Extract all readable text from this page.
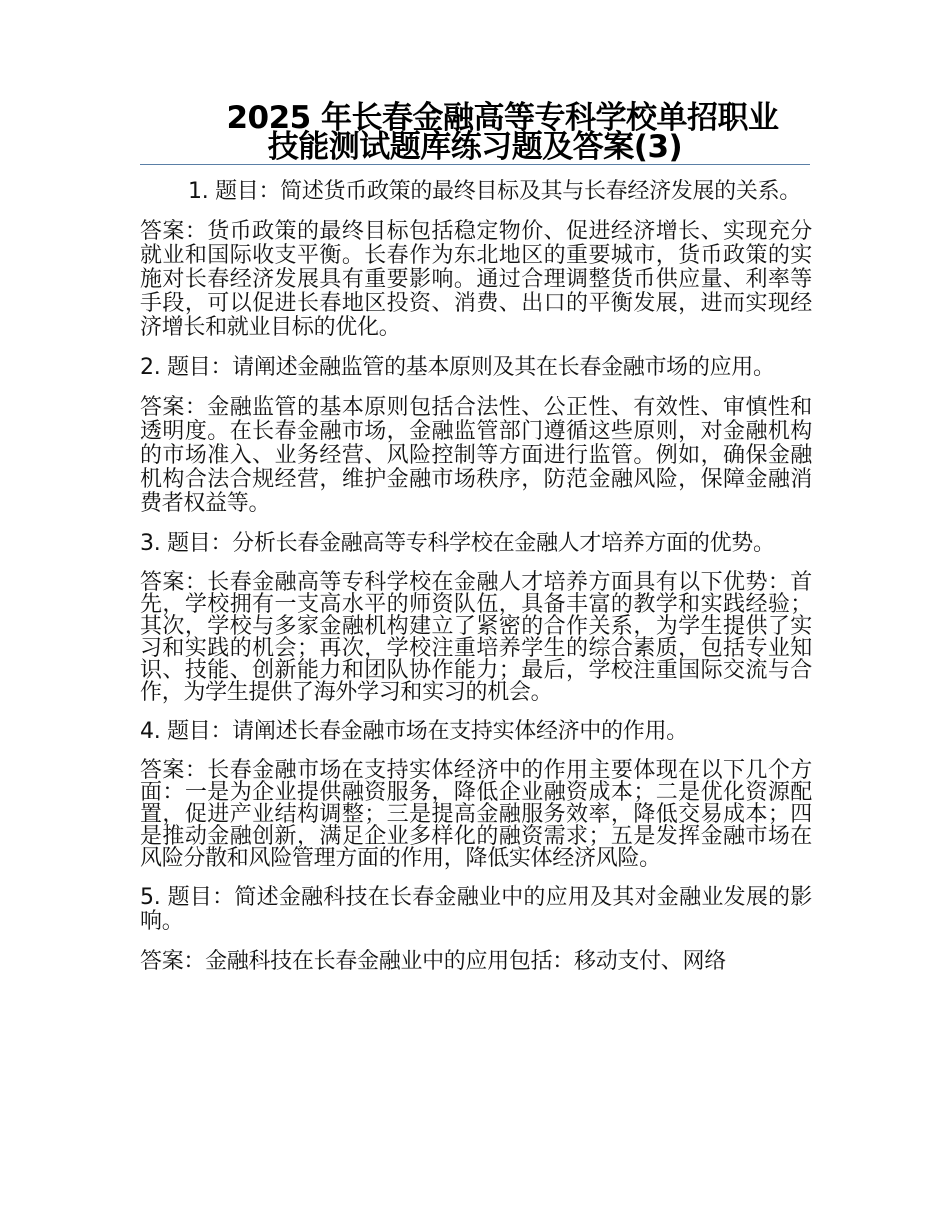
2025 年长春金融高等专科学校单招职业
技能测试题库练习题及答案(3)

1. 题目：简述货币政策的最终目标及其与长春经济发展的关系。

答案：货币政策的最终目标包括稳定物价、促进经济增长、实现充分就业和国际收支平衡。长春作为东北地区的重要城市，货币政策的实施对长春经济发展具有重要影响。通过合理调整货币供应量、利率等手段，可以促进长春地区投资、消费、出口的平衡发展，进而实现经济增长和就业目标的优化。

2. 题目：请阐述金融监管的基本原则及其在长春金融市场的应用。

答案：金融监管的基本原则包括合法性、公正性、有效性、审慎性和透明度。在长春金融市场，金融监管部门遵循这些原则，对金融机构的市场准入、业务经营、风险控制等方面进行监管。例如，确保金融机构合法合规经营，维护金融市场秩序，防范金融风险，保障金融消费者权益等。

3. 题目：分析长春金融高等专科学校在金融人才培养方面的优势。

答案：长春金融高等专科学校在金融人才培养方面具有以下优势：首先，学校拥有一支高水平的师资队伍，具备丰富的教学和实践经验；其次，学校与多家金融机构建立了紧密的合作关系，为学生提供了实习和实践的机会；再次，学校注重培养学生的综合素质，包括专业知识、技能、创新能力和团队协作能力；最后，学校注重国际交流与合作，为学生提供了海外学习和实习的机会。

4. 题目：请阐述长春金融市场在支持实体经济中的作用。

答案：长春金融市场在支持实体经济中的作用主要体现在以下几个方面：一是为企业提供融资服务，降低企业融资成本；二是优化资源配置，促进产业结构调整；三是提高金融服务效率，降低交易成本；四是推动金融创新，满足企业多样化的融资需求；五是发挥金融市场在风险分散和风险管理方面的作用，降低实体经济风险。

5. 题目：简述金融科技在长春金融业中的应用及其对金融业发展的影响。

答案：金融科技在长春金融业中的应用包括：移动支付、网络
